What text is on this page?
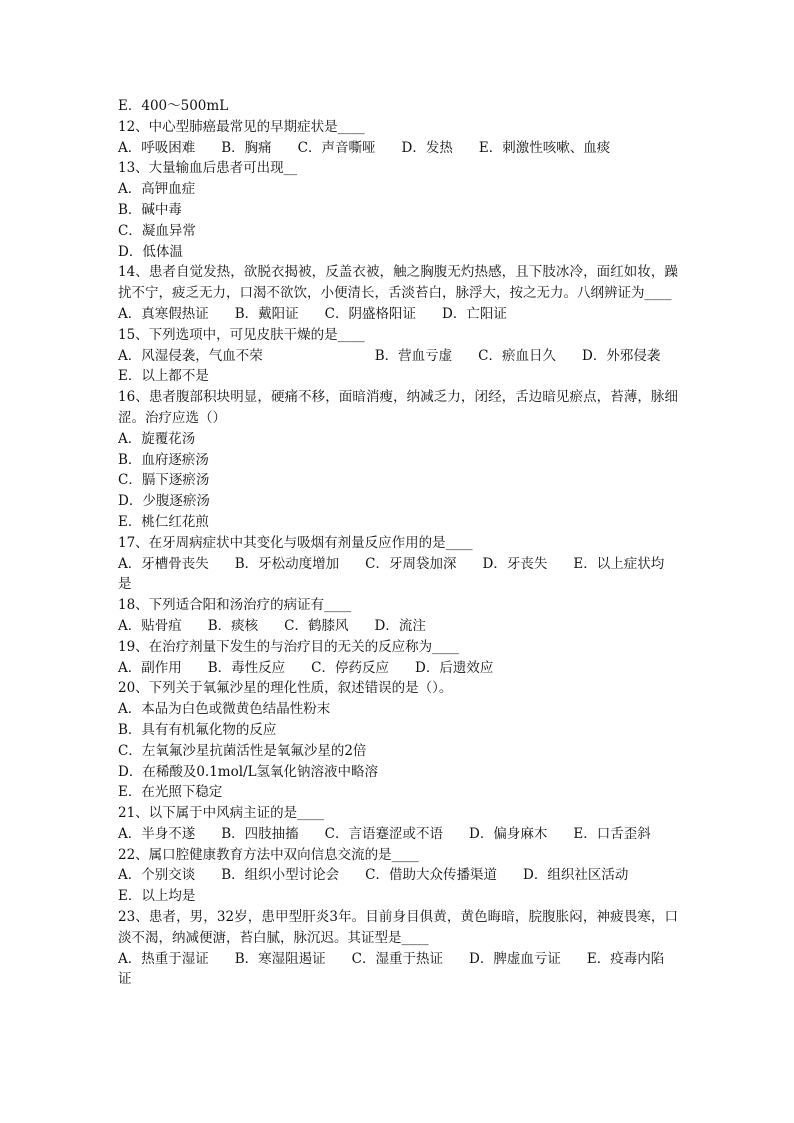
E．400～500mL
12、中心型肺癌最常见的早期症状是____
A．呼吸困难 B．胸痛 C．声音嘶哑 D．发热 E．刺激性咳嗽、血痰
13、大量输血后患者可出现__
A．高钾血症
B．碱中毒
C．凝血异常
D．低体温
14、患者自觉发热，欲脱衣揭被，反盖衣被，触之胸腹无灼热感，且下肢冰冷，面红如妆，躁扰不宁，疲乏无力，口渴不欲饮，小便清长，舌淡苔白，脉浮大，按之无力。八纲辨证为____
A．真寒假热证 B．戴阳证 C．阴盛格阳证 D．亡阳证
15、下列选项中，可见皮肤干燥的是____
A．风湿侵袭，气血不荣	B．营血亏虚 C．瘀血日久 D．外邪侵袭
E．以上都不是
16、患者腹部积块明显，硬痛不移，面暗消瘦，纳减乏力，闭经，舌边暗见瘀点，苔薄，脉细涩。治疗应选（）
A．旋覆花汤
B．血府逐瘀汤
C．膈下逐瘀汤
D．少腹逐瘀汤
E．桃仁红花煎
17、在牙周病症状中其变化与吸烟有剂量反应作用的是____
A．牙槽骨丧失 B．牙松动度增加 C．牙周袋加深 D．牙丧失 E．以上症状均
是
18、下列适合阳和汤治疗的病证有____
A．贴骨疽 B．痰核 C．鹤膝风 D．流注
19、在治疗剂量下发生的与治疗目的无关的反应称为____
A．副作用 B．毒性反应 C．停药反应 D．后遗效应
20、下列关于氧氟沙星的理化性质，叙述错误的是（）。
A．本品为白色或微黄色结晶性粉末
B．具有有机氟化物的反应
C．左氧氟沙星抗菌活性是氧氟沙星的2倍
D．在稀酸及0.1mol/L氢氧化钠溶液中略溶
E．在光照下稳定
21、以下属于中风病主证的是____
A．半身不遂 B．四肢抽搐 C．言语蹇涩或不语 D．偏身麻木 E．口舌歪斜
22、属口腔健康教育方法中双向信息交流的是____
A．个别交谈 B．组织小型讨论会 C．借助大众传播渠道 D．组织社区活动
E．以上均是
23、患者，男，32岁，患甲型肝炎3年。目前身目俱黄，黄色晦暗，脘腹胀闷，神疲畏寒，口淡不渴，纳减便溏，苔白腻，脉沉迟。其证型是____
A．热重于湿证 B．寒湿阻遏证 C．湿重于热证 D．脾虚血亏证 E．疫毒内陷
证
